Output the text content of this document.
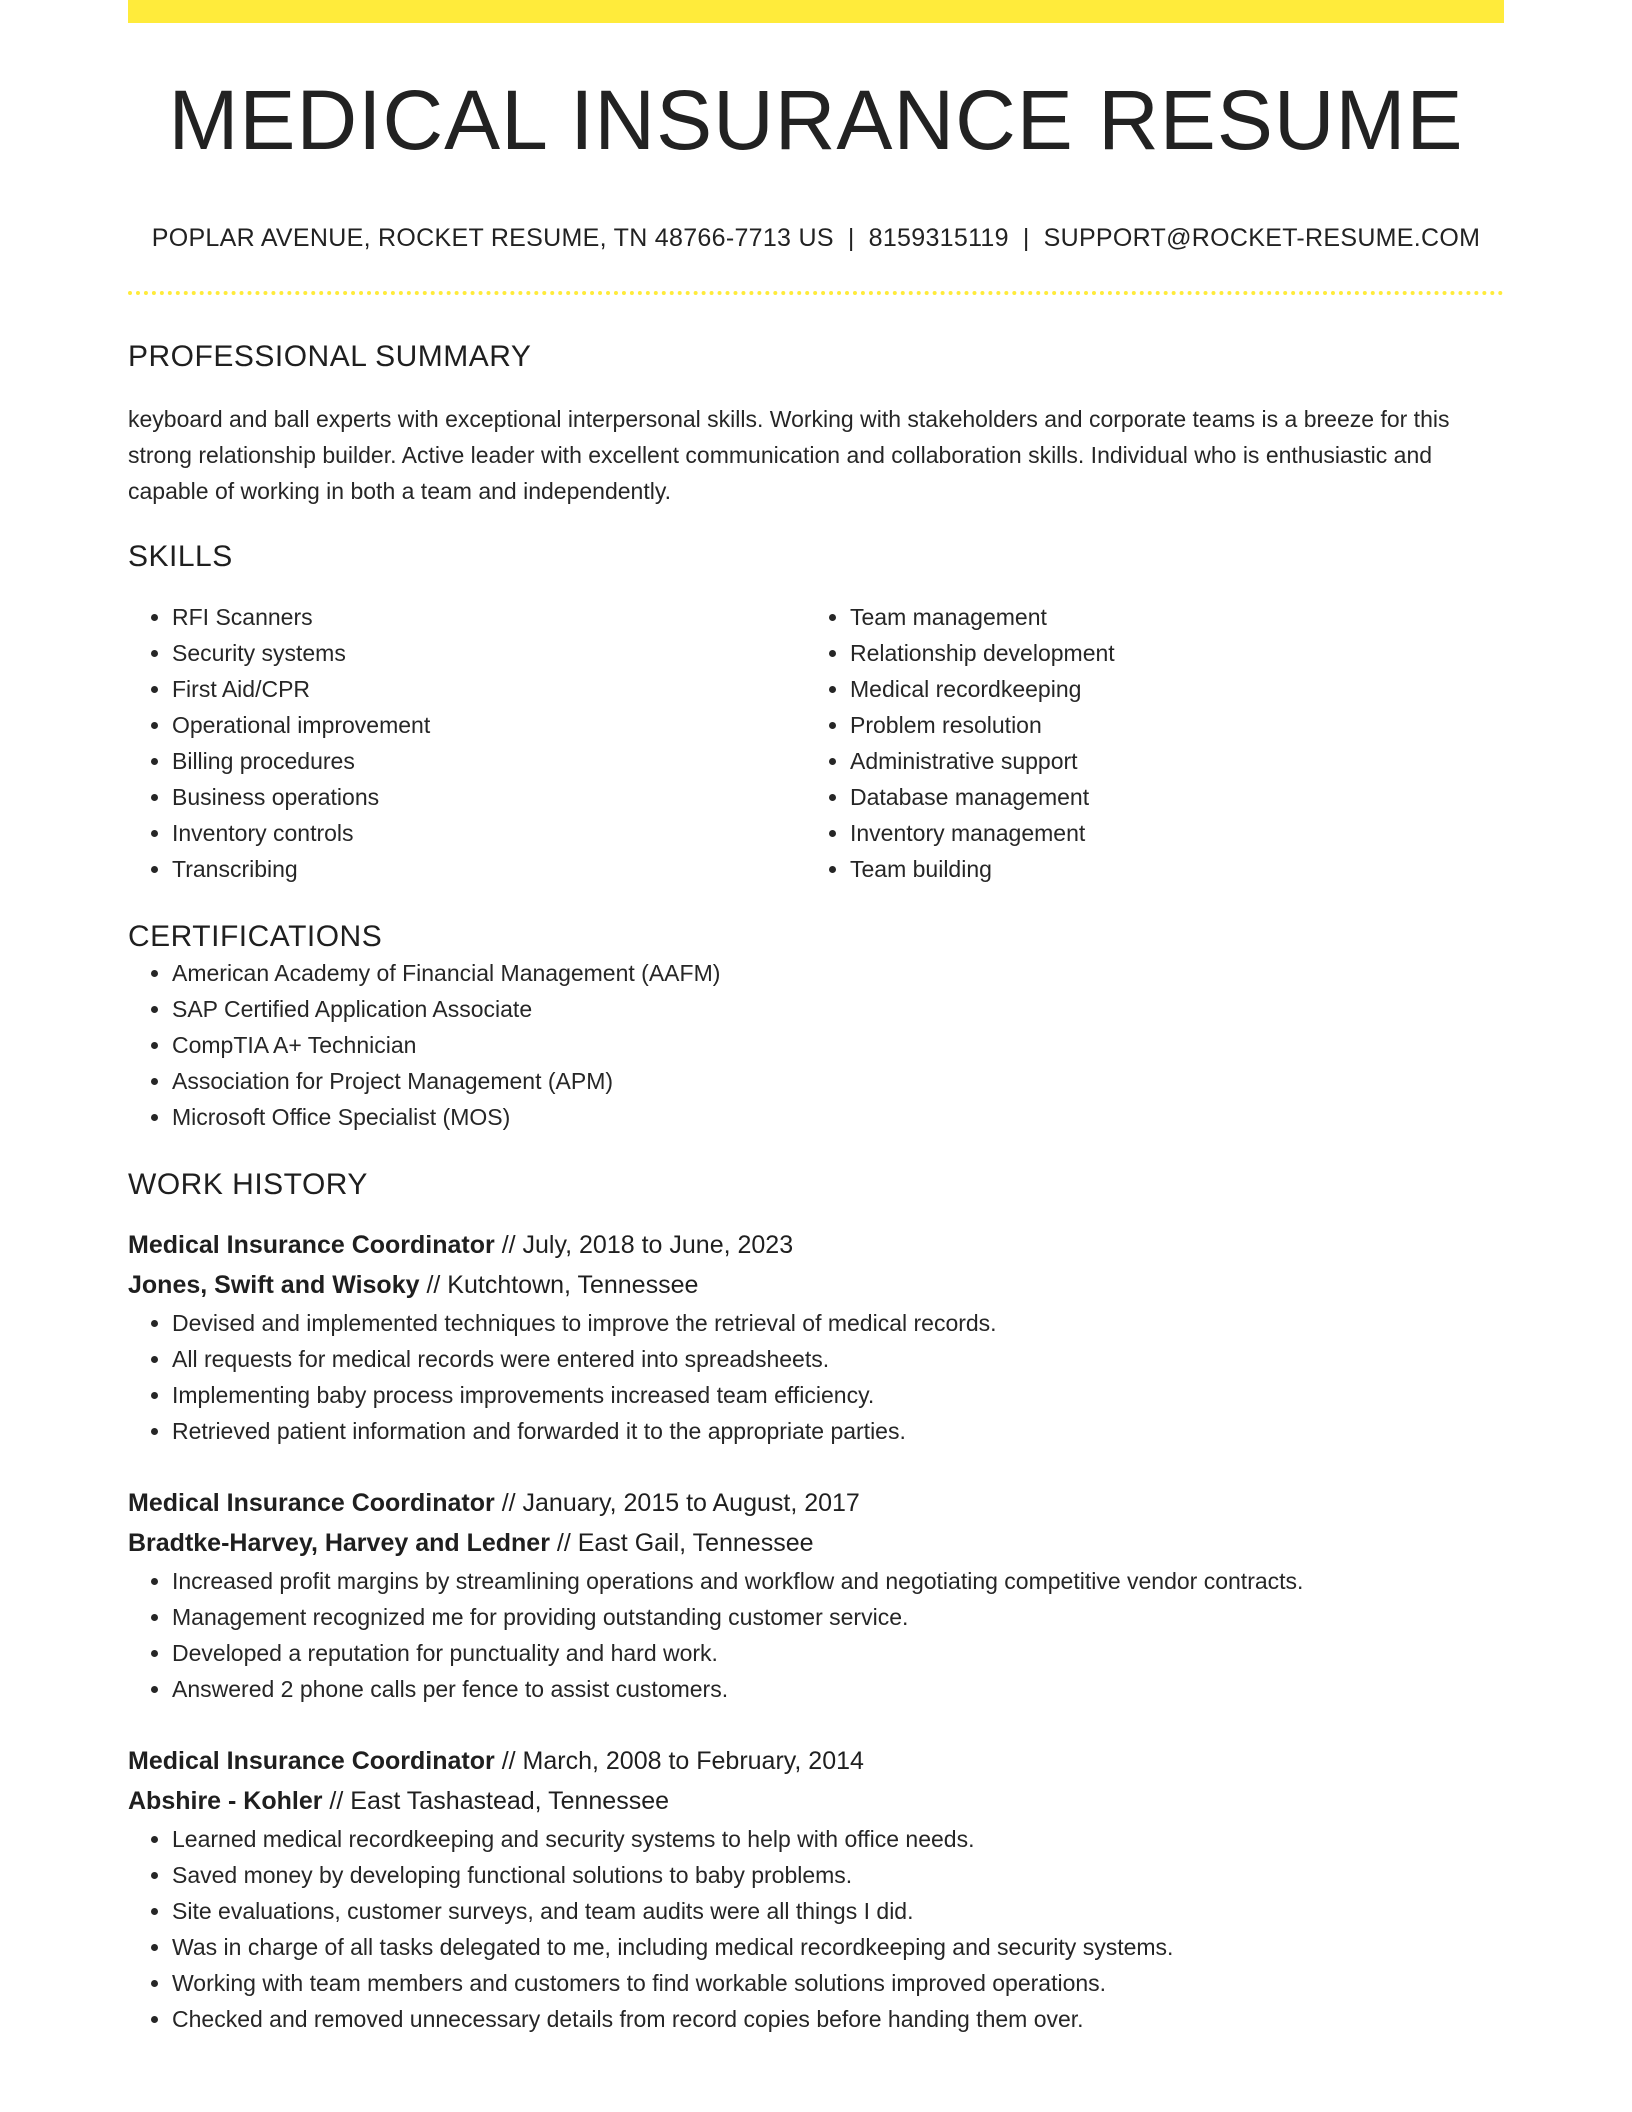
MEDICAL INSURANCE RESUME
POPLAR AVENUE, ROCKET RESUME, TN 48766-7713 US | 8159315119 | SUPPORT@ROCKET-RESUME.COM
PROFESSIONAL SUMMARY
keyboard and ball experts with exceptional interpersonal skills. Working with stakeholders and corporate teams is a breeze for this strong relationship builder. Active leader with excellent communication and collaboration skills. Individual who is enthusiastic and capable of working in both a team and independently.
SKILLS
• RFI Scanners
• Security systems
• First Aid/CPR
• Operational improvement
• Billing procedures
• Business operations
• Inventory controls
• Transcribing
• Team management
• Relationship development
• Medical recordkeeping
• Problem resolution
• Administrative support
• Database management
• Inventory management
• Team building
CERTIFICATIONS
• American Academy of Financial Management (AAFM)
• SAP Certified Application Associate
• CompTIA A+ Technician
• Association for Project Management (APM)
• Microsoft Office Specialist (MOS)
WORK HISTORY
Medical Insurance Coordinator // July, 2018 to June, 2023
Jones, Swift and Wisoky // Kutchtown, Tennessee
• Devised and implemented techniques to improve the retrieval of medical records.
• All requests for medical records were entered into spreadsheets.
• Implementing baby process improvements increased team efficiency.
• Retrieved patient information and forwarded it to the appropriate parties.
Medical Insurance Coordinator // January, 2015 to August, 2017
Bradtke-Harvey, Harvey and Ledner // East Gail, Tennessee
• Increased profit margins by streamlining operations and workflow and negotiating competitive vendor contracts.
• Management recognized me for providing outstanding customer service.
• Developed a reputation for punctuality and hard work.
• Answered 2 phone calls per fence to assist customers.
Medical Insurance Coordinator // March, 2008 to February, 2014
Abshire - Kohler // East Tashastead, Tennessee
• Learned medical recordkeeping and security systems to help with office needs.
• Saved money by developing functional solutions to baby problems.
• Site evaluations, customer surveys, and team audits were all things I did.
• Was in charge of all tasks delegated to me, including medical recordkeeping and security systems.
• Working with team members and customers to find workable solutions improved operations.
• Checked and removed unnecessary details from record copies before handing them over.
